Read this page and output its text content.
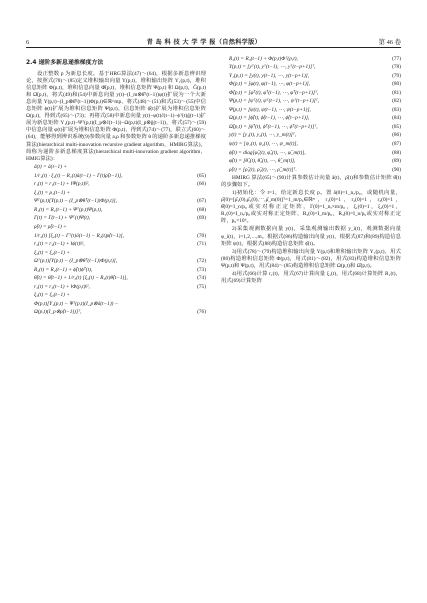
6	青 岛 科 技 大 学 学 报（自然科学版）	第 46 卷
2.4 递阶多新息递推梯度方法

设正整数 p 为新息长度。基于HRG算法(47)～(64)，根据多新息辨识理论，按照式(78)～(85)定义堆积输出向量 Y(p,t)，堆积输出矩阵 Y₁(p,t)，堆积信息矩阵 Φ(p,t)，堆积信息向量 Φ̂(p,t)，堆积信息矩阵 Ψ(p,t) 和 Ω(p,t)，Ĝ(p,t) 和 Ω̂(p,t)，将式(49)和(54)中新息向量 y(t)−(I_m⊗θ̂ᵀ(t−1))φ(t)扩展为一个大新息向量 Y(p,t)−(I_p⊗θ̂ᵀ(t−1))Φ(p,t)∈ℝ^mp，将式(48)～(51)和式(53)～(55)中信息矩阵 ϕ(t)扩展为堆积信息矩阵 Ψ(p,t)，信息矩阵 ϕ̂(t)扩展为堆积信息矩阵 Ω(p,t)，得到式(65)～(73)；再将式(58)中新息向量 y(t)−φ(t)ĉ(t−1)−ϕᵀ(t)ĝ(t−1)扩展为新息矩阵 Y₁(p,t)−Ψᵀ(p,t)(I_p⊗ĉ(t−1))−Ω(p,t)(I_p⊗ĝ(t−1))，将式(57)～(59)中信息向量 φ(t)扩展为堆积信息矩阵 Φ(p,t)，得到式(74)～(77)，联立式(60)～(64)，能够得到辨识系统(9)参数向量 a,ρ 和参数矩阵 θ 的递阶多新息递推梯度算法(hierarchical multi-innovation recursive gradient algorithm，HMIRG算法)，简称为递阶多新息梯度算法(hierarchical multi-innovation gradient algorithm，HMIG算法)：

â(t) = â(t−1) +
1/r₁(t) · ξ₁(t) − R₁(t)â(t−1) − Γ(t)ρ̂(t−1)],	(65)
r₁(t) = r₁(t−1) + ‖Ψ(p,t)‖²,	(66)
ξ₁(t) = ρ₁(t−1) +
Ψᵀ(p,t)[Y(p,t) − (I_p⊗θ̂ᵀ(t−1))Φ(p,t)],	(67)
R₁(t) = R₁(t−1) + Ψᵀ(p,t)Ψ(p,t),	(68)
Γ(t) = Γ(t−1) + Ψᵀ(t)Ψ(t),	(69)
ρ̂(t) = ρ̂(t−1) +
1/r₂(t) [ξ₂(t) − Γᵀ(t)â(t−1) − R₂(t)ρ̂(t−1)],	(70)
r₂(t) = r₂(t−1) + ‖ϕ(t)‖²,	(71)
ξ₂(t) = ξ₂(t−1) +
Ωᵀ(p,t)[Y(p,t) − (I_p⊗θ̂ᵀ(t−1))Φ(p,t)],	(72)
R₂(t) = R₂(t−1) + ϕ̂(t)ϕ̂ᵀ(t),	(73)
θ̂(t) = θ̂(t−1) + 1/r₃(t) [ξ₃(t) − R₃(t)θ̂(t−1)],	(74)
r₃(t) = r₃(t−1) + ‖Φ(p,t)‖²,	(75)
ξ₃(t) = ξ₃(t−1) +
Φ(p,t)[Y₁(p,t) − Ψᵀ(p,t)(I_p⊗â(t−1)) −
Ω(p,t)(I_p⊗ρ̂(t−1))]ᵀ,	(76)
R₃(t) = R₃(t−1) + Φ(p,t)Φᵀ(p,t),	(77)
Y(p,t) = [yᵀ(t), yᵀ(t−1), ⋯, yᵀ(t−p+1)]ᵀ,	(78)
Y₁(p,t) = [y(t), y(t−1), ⋯, y(t−p+1)],	(79)
Φ(p,t) = [φ(t), φ(t−1), ⋯, φ(t−p+1)],	(80)
Φ̂(p,t) = [φ̂ᵀ(t), φ̂ᵀ(t−1), ⋯, φ̂ᵀ(t−p+1)]ᵀ,	(81)
Ψ(p,t) = [ψᵀ(t), ψᵀ(t−1), ⋯, ψᵀ(t−p+1)]ᵀ,	(82)
Ψ(p,t) = [ψ(t), ψ(t−1), ⋯, ψ(t−p+1)],	(83)
Ω(p,t) = [ϕ̂(t), ϕ̂(t−1), ⋯, ϕ̂(t−p+1)],	(84)
Ω̂(p,t) = [ϕ̂ᵀ(t), ϕ̂ᵀ(t−1), ⋯, ϕ̂ᵀ(t−p+1)]ᵀ,	(85)
y(t) = [y₁(t), y₂(t), ⋯, y_m(t)]ᵀ,	(86)
ψ(t) = [ψ₁(t), ψ₂(t), ⋯, ψ_m(t)],	(87)
ϕ̂(t) = diag[φ̂₁(t), φ̂₂(t), ⋯, φ̂_m(t)],	(88)
φ̂(t) = [θ̂₁(t), θ̂₂(t), ⋯, θ̂_m(t)],	(89)
ρ̂(t) = [ρ̂₁(t), ρ̂₂(t), ⋯, ρ̂_m(t)]ᵀ.	(90)

HMIRG 算法(65)～(90)计算参数估计向量 â(t)，ρ̂(t)和参数估计矩阵 θ̂(t)的步骤如下。

1)初始化：令 t=1，给定新息长度 p。置 â(0)=1_nₐ/p₀，或随机向量，ρ̂(0)=[ρ̂₁(0),ρ̂₂(0),⋯,ρ̂_m(0)]ᵀ=1_m/p₀∈ℝᵐ，r₁(0)=1，r₂(0)=1，r₃(0)=1，θ̂(0)=1_n/p₀或实对称正定矩阵，Γ(0)=1_nₐ×m/p₀，ξ₁(0)=1，ξ₂(0)=1，R₁(0)=I_nₐ/p₀或实对称正定矩阵，R₂(0)=I_m/p₀，R₃(0)=I_n/p₀或实对称正定阵，p₀=10⁶。

2)采集观测数据向量 y(t)，采集观测输出数据 y_i(t)，观测数据向量 φ_i(t)，i=1,2,⋯,m。根据式(86)构造输出向量 y(t)，根据式(87)和(89)构造信息矩阵 ψ(t)，根据式(88)构造信息矩阵 ϕ̂(t)。

3)用式(78)～(79)构造堆积输出向量 Y(p,t)和堆积输出矩阵 Y₁(p,t)，用式(80)构造堆积信息矩阵 Φ(p,t)，用式(81)～(82)，用式(83)构造堆积信息矩阵 Ψ(p,t)和 Ψ(p,t)，用式(84)～(85)构造堆积信息矩阵 Ω(p,t)和 Ω̂(p,t)。

4)用式(66)计算 r₁(t)，用式(67)计算向量 ξ₁(t)，用式(68)计算矩阵 R₁(t)，用式(69)计算矩阵
